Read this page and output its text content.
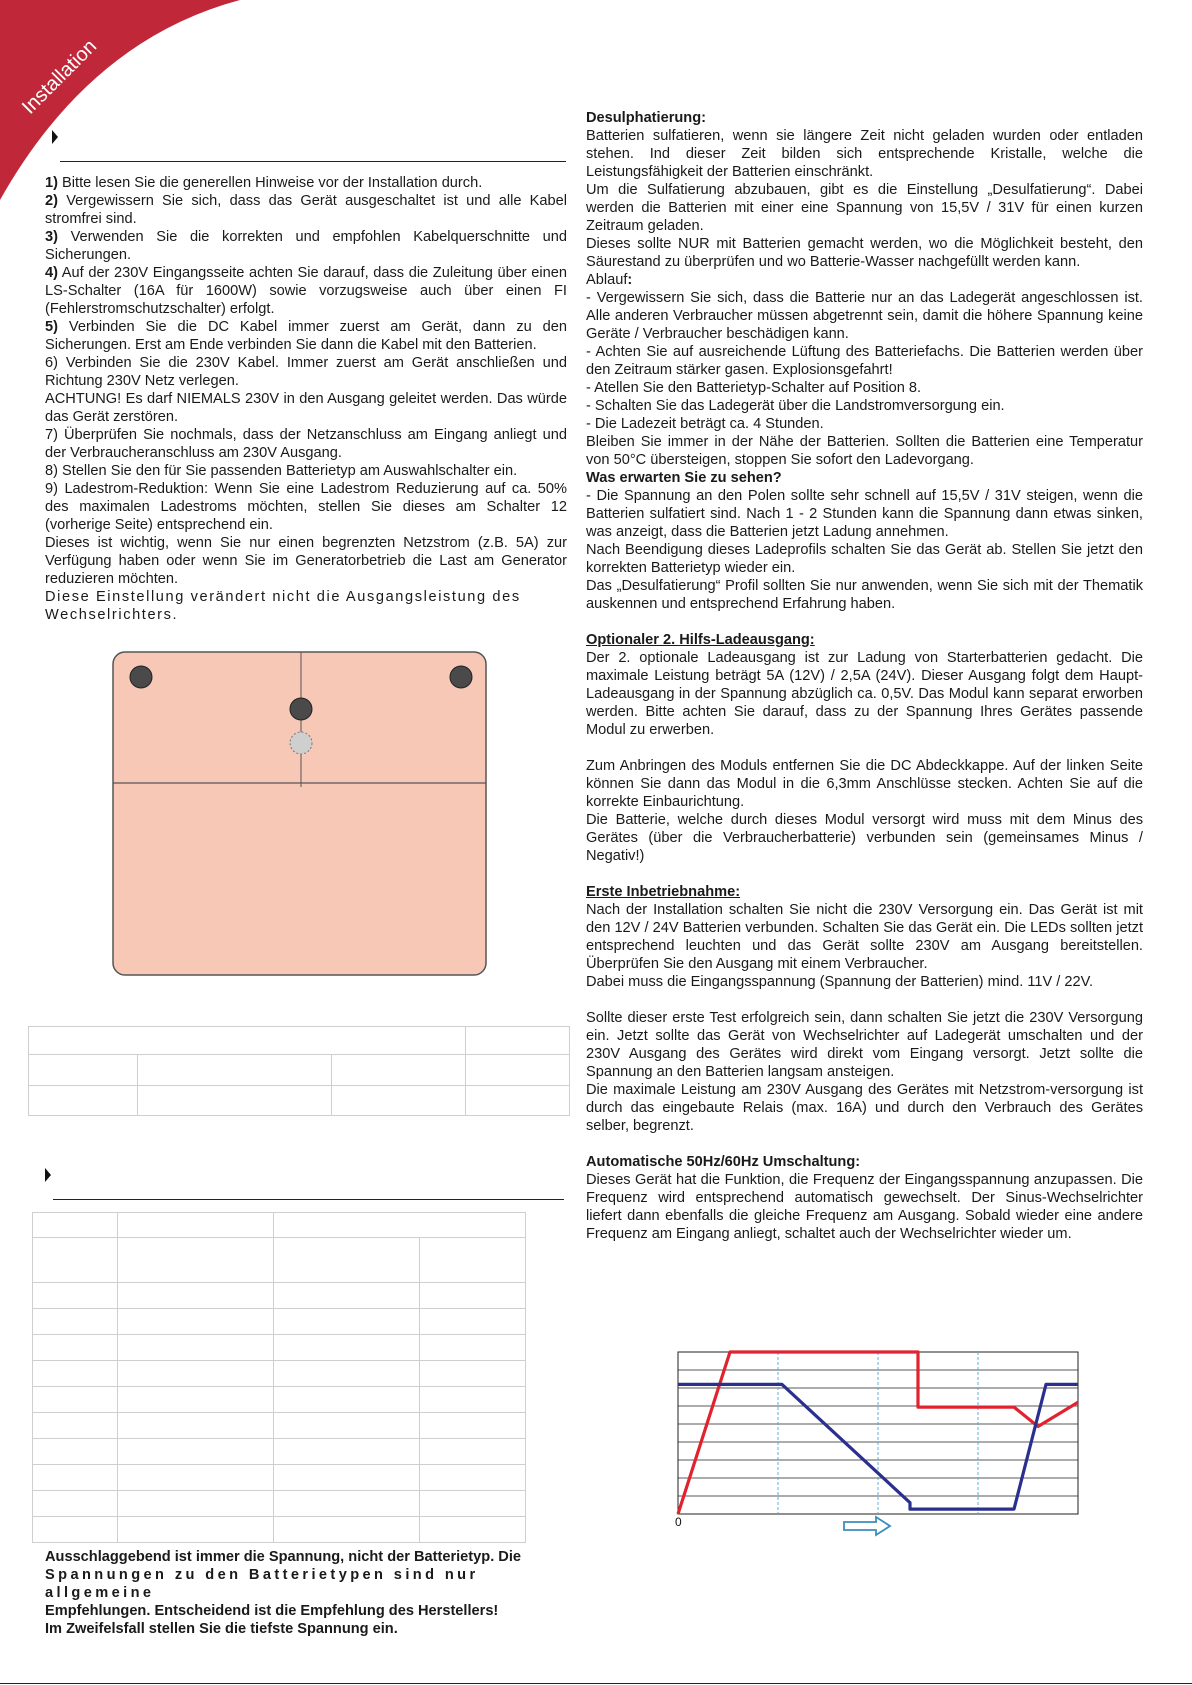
Installation

1) Bitte lesen Sie die generellen Hinweise vor der Installation durch.

2) Vergewissern Sie sich, dass das Gerät ausgeschaltet ist und alle Kabel stromfrei sind.

3) Verwenden Sie die korrekten und empfohlen Kabelquerschnitte und Sicherungen.

4) Auf der 230V Eingangsseite achten Sie darauf, dass die Zuleitung über einen LS-Schalter (16A für 1600W) sowie vorzugsweise auch über einen FI (Fehlerstromschutzschalter) erfolgt.

5) Verbinden Sie die DC Kabel immer zuerst am Gerät, dann zu den Sicherungen. Erst am Ende verbinden Sie dann die Kabel mit den Batterien.

6) Verbinden Sie die 230V Kabel. Immer zuerst am Gerät anschließen und Richtung 230V Netz verlegen.

ACHTUNG! Es darf NIEMALS 230V in den Ausgang geleitet werden. Das würde das Gerät zerstören.

7) Überprüfen Sie nochmals, dass der Netzanschluss am Eingang anliegt und der Verbraucheranschluss am 230V Ausgang.

8) Stellen Sie den für Sie passenden Batterietyp am Auswahlschalter ein.

9) Ladestrom-Reduktion: Wenn Sie eine Ladestrom Reduzierung auf ca. 50% des maximalen Ladestroms möchten, stellen Sie dieses am Schalter 12 (vorherige Seite) entsprechend ein.

Dieses ist wichtig, wenn Sie nur einen begrenzten Netzstrom (z.B. 5A) zur Verfügung haben oder wenn Sie im Generatorbetrieb die Last am Generator reduzieren möchten.

Diese Einstellung verändert nicht die Ausgangsleistung des Wechselrichters.

Ausschlaggebend ist immer die Spannung, nicht der Batterietyp. Die

Spannungen zu den Batterietypen sind nur allgemeine

Empfehlungen. Entscheidend ist die Empfehlung des Herstellers!

Im Zweifelsfall stellen Sie die tiefste Spannung ein.

Desulphatierung:

Batterien sulfatieren, wenn sie längere Zeit nicht geladen wurden oder entladen stehen. Ind dieser Zeit bilden sich entsprechende Kristalle, welche die Leistungsfähigkeit der Batterien einschränkt.

Um die Sulfatierung abzubauen, gibt es die Einstellung „Desulfatierung“. Dabei werden die Batterien mit einer eine Spannung von 15,5V / 31V für einen kurzen Zeitraum geladen.

Dieses sollte NUR mit Batterien gemacht werden, wo die Möglichkeit besteht, den Säurestand zu überprüfen und wo Batterie-Wasser nachgefüllt werden kann.

Ablauf:

- Vergewissern Sie sich, dass die Batterie nur an das Ladegerät angeschlossen ist. Alle anderen Verbraucher müssen abgetrennt sein, damit die höhere Spannung keine Geräte / Verbraucher beschädigen kann.

- Achten Sie auf ausreichende Lüftung des Batteriefachs. Die Batterien werden über den Zeitraum stärker gasen. Explosionsgefahrt!

- Atellen Sie den Batterietyp-Schalter auf Position 8.

- Schalten Sie das Ladegerät über die Landstromversorgung ein.

- Die Ladezeit beträgt ca. 4 Stunden.

Bleiben Sie immer in der Nähe der Batterien. Sollten die Batterien eine Temperatur von 50°C übersteigen, stoppen Sie sofort den Ladevorgang.

Was erwarten Sie zu sehen?

- Die Spannung an den Polen sollte sehr schnell auf 15,5V / 31V steigen, wenn die Batterien sulfatiert sind. Nach 1 - 2 Stunden kann die Spannung dann etwas sinken, was anzeigt, dass die Batterien jetzt Ladung annehmen.

Nach Beendigung dieses Ladeprofils schalten Sie das Gerät ab. Stellen Sie jetzt den korrekten Batterietyp wieder ein.

Das „Desulfatierung“ Profil sollten Sie nur anwenden, wenn Sie sich mit der Thematik auskennen und entsprechend Erfahrung haben.

Optionaler 2. Hilfs-Ladeausgang:

Der 2. optionale Ladeausgang ist zur Ladung von Starterbatterien gedacht. Die maximale Leistung beträgt 5A (12V) / 2,5A (24V). Dieser Ausgang folgt dem Haupt-Ladeausgang in der Spannung abzüglich ca. 0,5V. Das Modul kann separat erworben werden. Bitte achten Sie darauf, dass zu der Spannung Ihres Gerätes passende Modul zu erwerben.

Zum Anbringen des Moduls entfernen Sie die DC Abdeckkappe. Auf der linken Seite können Sie dann das Modul in die 6,3mm Anschlüsse stecken. Achten Sie auf die korrekte Einbaurichtung.

Die Batterie, welche durch dieses Modul versorgt wird muss mit dem Minus des Gerätes (über die Verbraucherbatterie) verbunden sein (gemeinsames Minus / Negativ!)

Erste Inbetriebnahme:

Nach der Installation schalten Sie nicht die 230V Versorgung ein. Das Gerät ist mit den 12V / 24V Batterien verbunden. Schalten Sie das Gerät ein. Die LEDs sollten jetzt entsprechend leuchten und das Gerät sollte 230V am Ausgang bereitstellen. Überprüfen Sie den Ausgang mit einem Verbraucher.

Dabei muss die Eingangsspannung (Spannung der Batterien) mind. 11V / 22V.

Sollte dieser erste Test erfolgreich sein, dann schalten Sie jetzt die 230V Versorgung ein. Jetzt sollte das Gerät von Wechselrichter auf Ladegerät umschalten und der 230V Ausgang des Gerätes wird direkt vom Eingang versorgt. Jetzt sollte die Spannung an den Batterien langsam ansteigen.

Die maximale Leistung am 230V Ausgang des Gerätes mit Netzstrom-versorgung ist durch das eingebaute Relais (max. 16A) und durch den Verbrauch des Gerätes selber, begrenzt.

Automatische 50Hz/60Hz Umschaltung:

Dieses Gerät hat die Funktion, die Frequenz der Eingangsspannung anzupassen. Die Frequenz wird entsprechend automatisch gewechselt. Der Sinus-Wechselrichter liefert dann ebenfalls die gleiche Frequenz am Ausgang. Sobald wieder eine andere Frequenz am Eingang anliegt, schaltet auch der Wechselrichter wieder um.

0
